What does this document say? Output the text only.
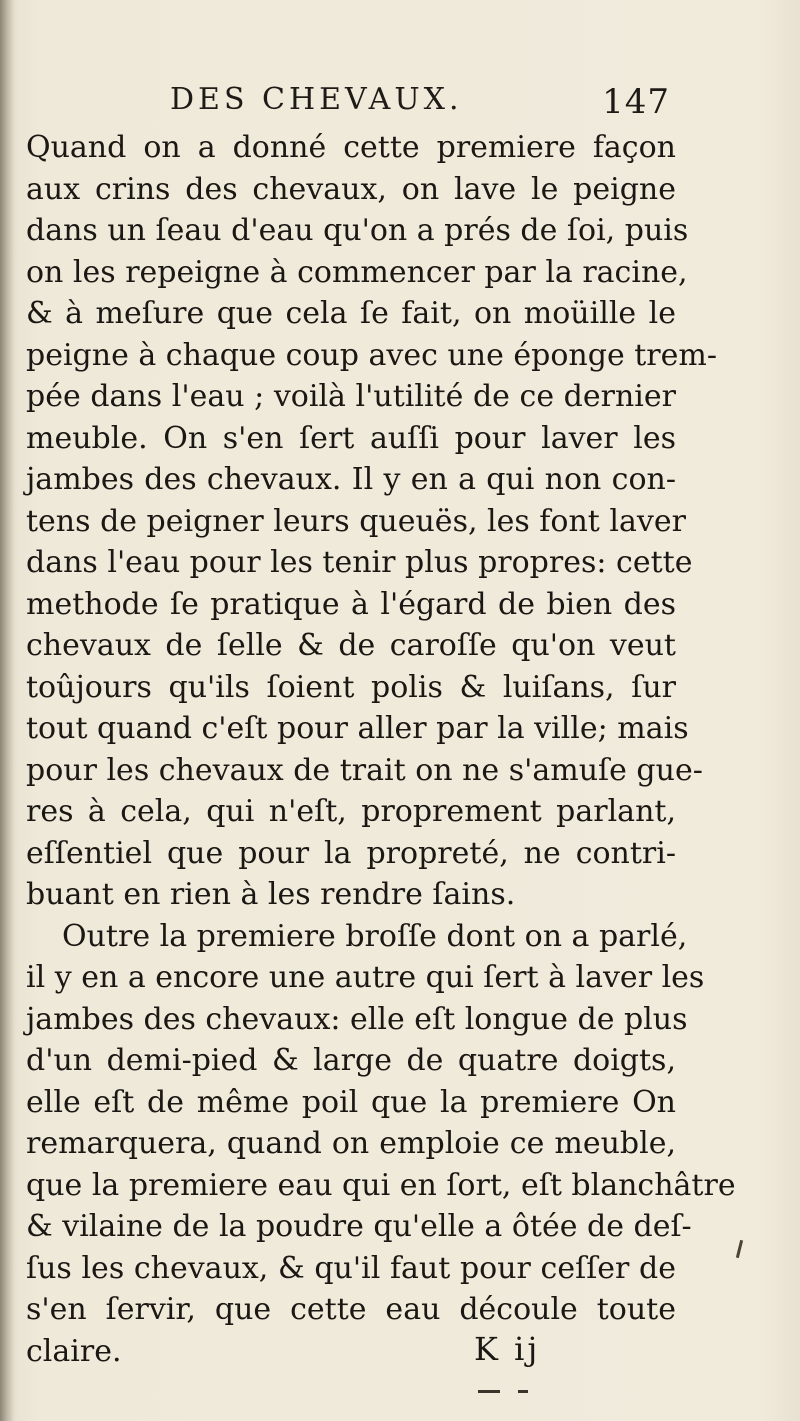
DES CHEVAUX.	147
Quand on a donné cette premiere façon
aux crins des chevaux, on lave le peigne
dans un ſeau d'eau qu'on a prés de ſoi, puis
on les repeigne à commencer par la racine,
& à meſure que cela ſe fait, on moüille le
peigne à chaque coup avec une éponge trem-
pée dans l'eau ; voilà l'utilité de ce dernier
meuble. On s'en ſert auſſi pour laver les
jambes des chevaux. Il y en a qui non con-
tens de peigner leurs queuës, les font laver
dans l'eau pour les tenir plus propres: cette
methode ſe pratique à l'égard de bien des
chevaux de ſelle & de caroſſe qu'on veut
toûjours qu'ils ſoient polis & luiſans, ſur
tout quand c'eſt pour aller par la ville; mais
pour les chevaux de trait on ne s'amuſe gue-
res à cela, qui n'eſt, proprement parlant,
eſſentiel que pour la propreté, ne contri-
buant en rien à les rendre ſains.
Outre la premiere broſſe dont on a parlé,
il y en a encore une autre qui ſert à laver les
jambes des chevaux: elle eſt longue de plus
d'un demi-pied & large de quatre doigts,
elle eſt de même poil que la premiere On
remarquera, quand on emploie ce meuble,
que la premiere eau qui en ſort, eſt blanchâtre
& vilaine de la poudre qu'elle a ôtée de deſ-
ſus les chevaux, & qu'il faut pour ceſſer de
s'en ſervir, que cette eau découle toute
claire.	K ij
